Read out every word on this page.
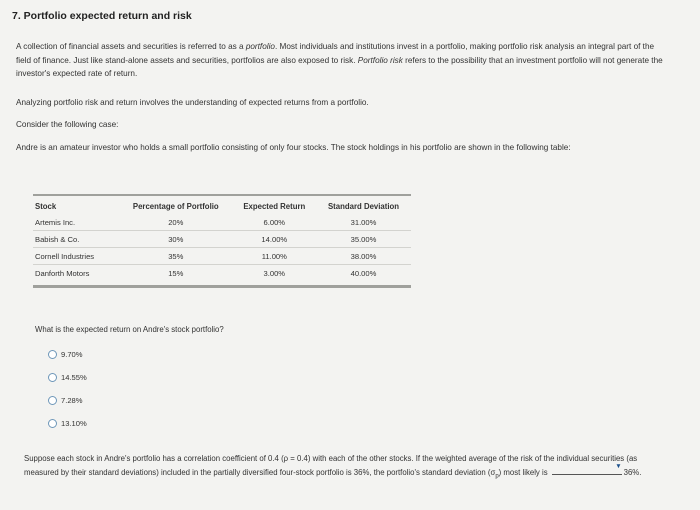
7. Portfolio expected return and risk
A collection of financial assets and securities is referred to as a portfolio. Most individuals and institutions invest in a portfolio, making portfolio risk analysis an integral part of the field of finance. Just like stand-alone assets and securities, portfolios are also exposed to risk. Portfolio risk refers to the possibility that an investment portfolio will not generate the investor's expected rate of return.
Analyzing portfolio risk and return involves the understanding of expected returns from a portfolio.
Consider the following case:
Andre is an amateur investor who holds a small portfolio consisting of only four stocks. The stock holdings in his portfolio are shown in the following table:
Stock	Percentage of Portfolio	Expected Return	Standard Deviation
Artemis Inc.	20%	6.00%	31.00%
Babish & Co.	30%	14.00%	35.00%
Cornell Industries	35%	11.00%	38.00%
Danforth Motors	15%	3.00%	40.00%
What is the expected return on Andre's stock portfolio?
9.70%
14.55%
7.28%
13.10%
Suppose each stock in Andre's portfolio has a correlation coefficient of 0.4 (ρ = 0.4) with each of the other stocks. If the weighted average of the risk of the individual securities (as measured by their standard deviations) included in the partially diversified four-stock portfolio is 36%, the portfolio's standard deviation $(\sigma_p)$ most likely is
▼
36%.
